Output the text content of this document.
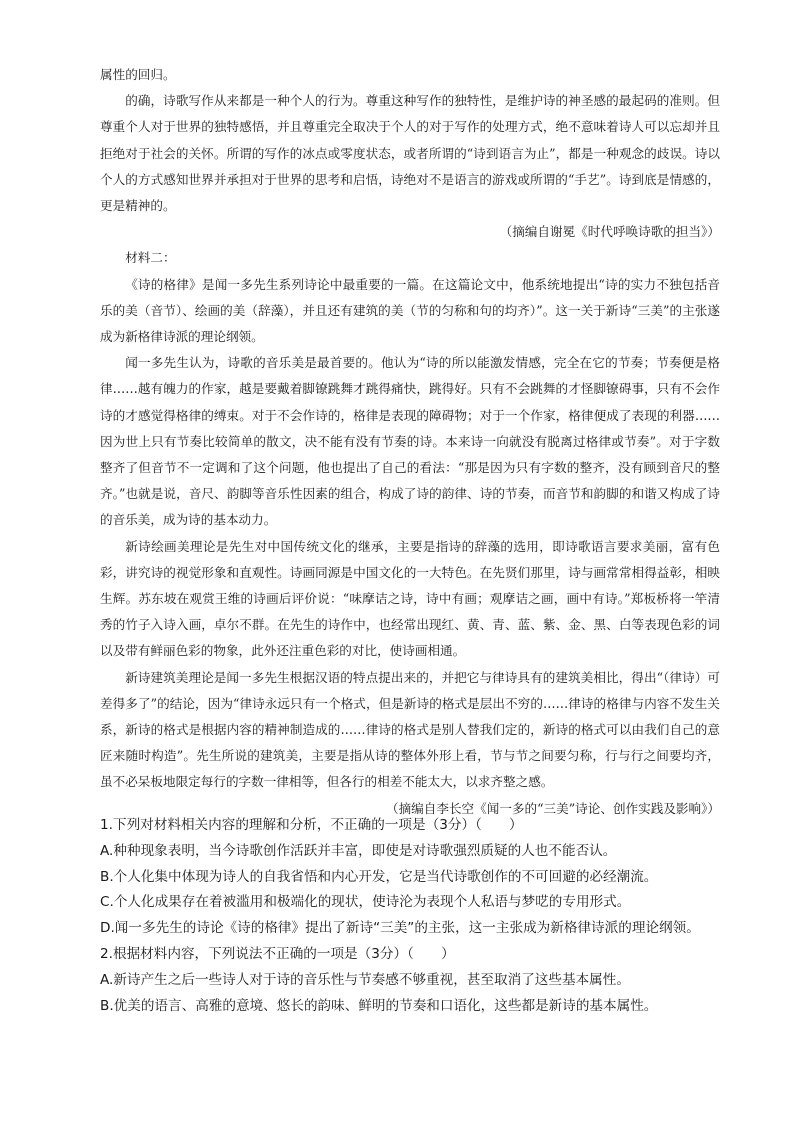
属性的回归。

的确，诗歌写作从来都是一种个人的行为。尊重这种写作的独特性，是维护诗的神圣感的最起码的准则。但尊重个人对于世界的独特感悟，并且尊重完全取决于个人的对于写作的处理方式，绝不意味着诗人可以忘却并且拒绝对于社会的关怀。所谓的写作的冰点或零度状态，或者所谓的“诗到语言为止”，都是一种观念的歧误。诗以个人的方式感知世界并承担对于世界的思考和启悟，诗绝对不是语言的游戏或所谓的“手艺”。诗到底是情感的，更是精神的。

（摘编自谢冕《时代呼唤诗歌的担当》）

材料二：

《诗的格律》是闻一多先生系列诗论中最重要的一篇。在这篇论文中，他系统地提出“诗的实力不独包括音乐的美（音节）、绘画的美（辞藻），并且还有建筑的美（节的匀称和句的均齐）”。这一关于新诗“三美”的主张遂成为新格律诗派的理论纲领。

闻一多先生认为，诗歌的音乐美是最首要的。他认为“诗的所以能激发情感，完全在它的节奏；节奏便是格律……越有魄力的作家，越是要戴着脚镣跳舞才跳得痛快，跳得好。只有不会跳舞的才怪脚镣碍事，只有不会作诗的才感觉得格律的缚束。对于不会作诗的，格律是表现的障碍物；对于一个作家，格律便成了表现的利器……因为世上只有节奏比较简单的散文，决不能有没有节奏的诗。本来诗一向就没有脱离过格律或节奏”。对于字数整齐了但音节不一定调和了这个问题，他也提出了自己的看法：“那是因为只有字数的整齐，没有顾到音尺的整齐。”也就是说，音尺、韵脚等音乐性因素的组合，构成了诗的韵律、诗的节奏，而音节和韵脚的和谐又构成了诗的音乐美，成为诗的基本动力。

新诗绘画美理论是先生对中国传统文化的继承，主要是指诗的辞藻的选用，即诗歌语言要求美丽，富有色彩，讲究诗的视觉形象和直观性。诗画同源是中国文化的一大特色。在先贤们那里，诗与画常常相得益彰，相映生辉。苏东坡在观赏王维的诗画后评价说：“味摩诘之诗，诗中有画；观摩诘之画，画中有诗。”郑板桥将一竿清秀的竹子入诗入画，卓尔不群。在先生的诗作中，也经常出现红、黄、青、蓝、紫、金、黑、白等表现色彩的词以及带有鲜丽色彩的物象，此外还注重色彩的对比，使诗画相通。

新诗建筑美理论是闻一多先生根据汉语的特点提出来的，并把它与律诗具有的建筑美相比，得出“（律诗）可差得多了”的结论，因为“律诗永远只有一个格式，但是新诗的格式是层出不穷的……律诗的格律与内容不发生关系，新诗的格式是根据内容的精神制造成的……律诗的格式是别人替我们定的，新诗的格式可以由我们自己的意匠来随时构造”。先生所说的建筑美，主要是指从诗的整体外形上看，节与节之间要匀称，行与行之间要均齐，虽不必呆板地限定每行的字数一律相等，但各行的相差不能太大，以求齐整之感。

（摘编自李长空《闻一多的“三美”诗论、创作实践及影响》）

1.下列对材料相关内容的理解和分析，不正确的一项是（3分）（　　）

A.种种现象表明，当今诗歌创作活跃并丰富，即使是对诗歌强烈质疑的人也不能否认。

B.个人化集中体现为诗人的自我省悟和内心开发，它是当代诗歌创作的不可回避的必经潮流。

C.个人化成果存在着被滥用和极端化的现状，使诗沦为表现个人私语与梦呓的专用形式。

D.闻一多先生的诗论《诗的格律》提出了新诗“三美”的主张，这一主张成为新格律诗派的理论纲领。

2.根据材料内容，下列说法不正确的一项是（3分）（　　）

A.新诗产生之后一些诗人对于诗的音乐性与节奏感不够重视，甚至取消了这些基本属性。

B.优美的语言、高雅的意境、悠长的韵味、鲜明的节奏和口语化，这些都是新诗的基本属性。
